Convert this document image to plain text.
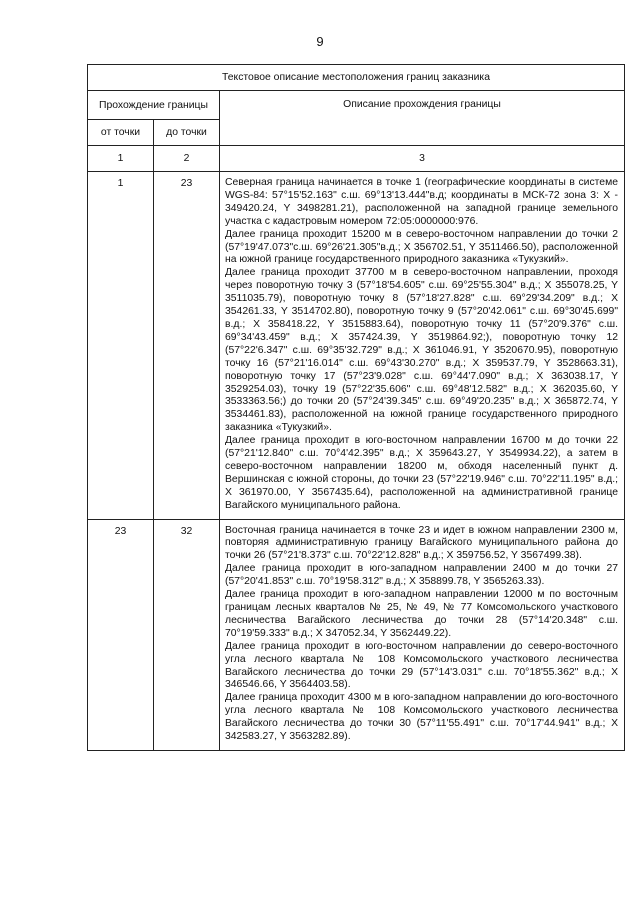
9
Текстовое описание местоположения границ заказника		
Прохождение границы		Описание прохождения границы
от точки	до точки	
1	2	3
1	23	Северная граница начинается в точке 1 (географические координаты в системе WGS-84: 57°15'52.163" с.ш. 69°13'13.444"в.д; координаты в МСК-72 зона 3: X - 349420.24, Y 3498281.21), расположенной на западной границе земельного участка с кадастровым номером 72:05:0000000:976.

Далее граница проходит 15200 м в северо-восточном направлении до точки 2 (57°19'47.073"с.ш. 69°26'21.305"в.д.; X 356702.51, Y 3511466.50), расположенной на южной границе государственного природного заказника «Тукузкий».

Далее граница проходит 37700 м в северо-восточном направлении, проходя через поворотную точку 3 (57°18'54.605" с.ш. 69°25'55.304" в.д.; X 355078.25, Y 3511035.79), поворотную точку 8 (57°18'27.828" с.ш. 69°29'34.209" в.д.; X 354261.33, Y 3514702.80), поворотную точку 9 (57°20'42.061" с.ш. 69°30'45.699" в.д.; X 358418.22, Y 3515883.64), поворотную точку 11 (57°20'9.376" с.ш. 69°34'43.459" в.д.; X 357424.39, Y 3519864.92;), поворотную точку 12 (57°22'6.347" с.ш. 69°35'32.729" в.д.; X 361046.91, Y 3520670.95), поворотную точку 16 (57°21'16.014" с.ш. 69°43'30.270" в.д.; X 359537.79, Y 3528663.31), поворотную точку 17 (57°23'9.028" с.ш. 69°44'7.090" в.д.; X 363038.17, Y 3529254.03), точку 19 (57°22'35.606" с.ш. 69°48'12.582" в.д.; X 362035.60, Y 3533363.56;) до точки 20 (57°24'39.345" с.ш. 69°49'20.235" в.д.; X 365872.74, Y 3534461.83), расположенной на южной границе государственного природного заказника «Тукузкий».

Далее граница проходит в юго-восточном направлении 16700 м до точки 22 (57°21'12.840" с.ш. 70°4'42.395" в.д.; X 359643.27, Y 3549934.22), а затем в северо-восточном направлении 18200 м, обходя населенный пункт д. Вершинская с южной стороны, до точки 23 (57°22'19.946" с.ш. 70°22'11.195" в.д.; X 361970.00, Y 3567435.64), расположенной на административной границе Вагайского муниципального района.

23	32	Восточная граница начинается в точке 23 и идет в южном направлении 2300 м, повторяя административную границу Вагайского муниципального района до точки 26 (57°21'8.373" с.ш. 70°22'12.828" в.д.; X 359756.52, Y 3567499.38).

Далее граница проходит в юго-западном направлении 2400 м до точки 27 (57°20'41.853" с.ш. 70°19'58.312" в.д.; X 358899.78, Y 3565263.33).

Далее граница проходит в юго-западном направлении 12000 м по восточным границам лесных кварталов № 25, № 49, № 77 Комсомольского участкового лесничества Вагайского лесничества до точки 28 (57°14'20.348" с.ш. 70°19'59.333" в.д.; X 347052.34, Y 3562449.22).

Далее граница проходит в юго-восточном направлении до северо-восточного угла лесного квартала № 108 Комсомольского участкового лесничества Вагайского лесничества до точки 29 (57°14'3.031" с.ш. 70°18'55.362" в.д.; X 346546.66, Y 3564403.58).

Далее граница проходит 4300 м в юго-западном направлении до юго-восточного угла лесного квартала № 108 Комсомольского участкового лесничества Вагайского лесничества до точки 30 (57°11'55.491" с.ш. 70°17'44.941" в.д.; X 342583.27, Y 3563282.89).
